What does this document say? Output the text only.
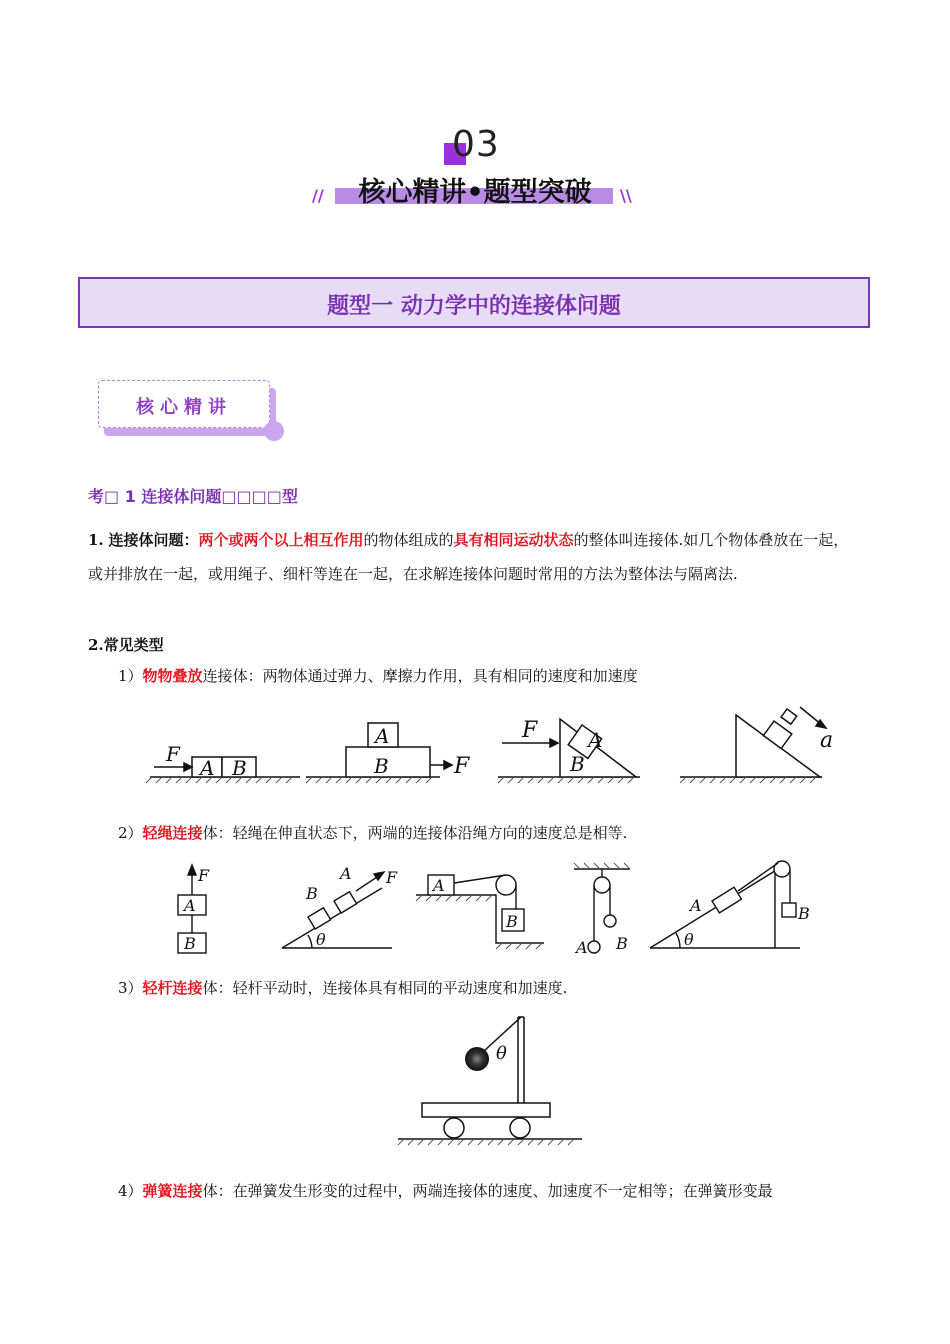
03
//	核心精讲•题型突破	\\
题型一 动力学中的连接体问题
核心精讲
考□ 1 连接体问题□□□□型
1. 连接体问题：两个或两个以上相互作用的物体组成的具有相同运动状态的整体叫连接体.如几个物体叠放在一起，或并排放在一起，或用绳子、细杆等连在一起，在求解连接体问题时常用的方法为整体法与隔离法.
2.常见类型
1）物物叠放连接体：两物体通过弹力、摩擦力作用，具有相同的速度和加速度
F
A B
A
B	F
F	A
B
a
2）轻绳连接体：轻绳在伸直状态下，两端的连接体沿绳方向的速度总是相等.
F
A
B
B
A F
θ
A
B
A B
A	B
θ
3）轻杆连接体：轻杆平动时，连接体具有相同的平动速度和加速度.
θ
4）弹簧连接体：在弹簧发生形变的过程中，两端连接体的速度、加速度不一定相等；在弹簧形变最
